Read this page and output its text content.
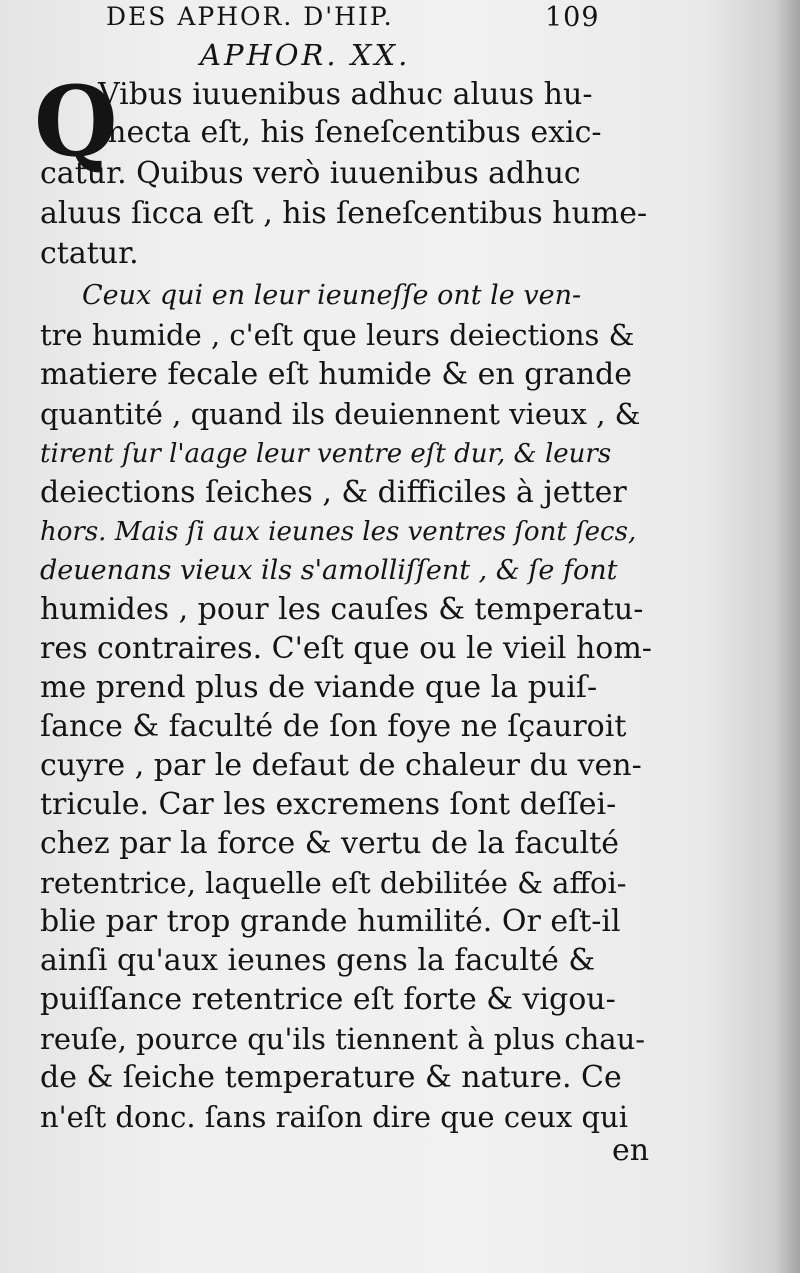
DES APHOR. D'HIP.	109
APHOR. XX.
Q
Vibus iuuenibus adhuc aluus hu-
mecta eſt, his ſeneſcentibus exic-
catur. Quibus verò iuuenibus adhuc
aluus ſicca eſt , his ſeneſcentibus hume-
ctatur.
Ceux qui en leur ieuneſſe ont le ven-
tre humide , c'eſt que leurs deiections &
matiere fecale eſt humide & en grande
quantité , quand ils deuiennent vieux , &
tirent ſur l'aage leur ventre eſt dur, & leurs
deiections ſeiches , & difficiles à jetter
hors. Mais ſi aux ieunes les ventres ſont ſecs,
deuenans vieux ils s'amolliſſent , & ſe font
humides , pour les cauſes & temperatu-
res contraires. C'eſt que ou le vieil hom-
me prend plus de viande que la puiſ-
ſance & faculté de ſon foye ne ſçauroit
cuyre , par le defaut de chaleur du ven-
tricule. Car les excremens ſont deſſei-
chez par la force & vertu de la faculté
retentrice, laquelle eſt debilitée & affoi-
blie par trop grande humilité. Or eſt-il
ainſi qu'aux ieunes gens la faculté &
puiſſance retentrice eſt forte & vigou-
reuſe, pource qu'ils tiennent à plus chau-
de & ſeiche temperature & nature. Ce
n'eſt donc. ſans raiſon dire que ceux qui
en
